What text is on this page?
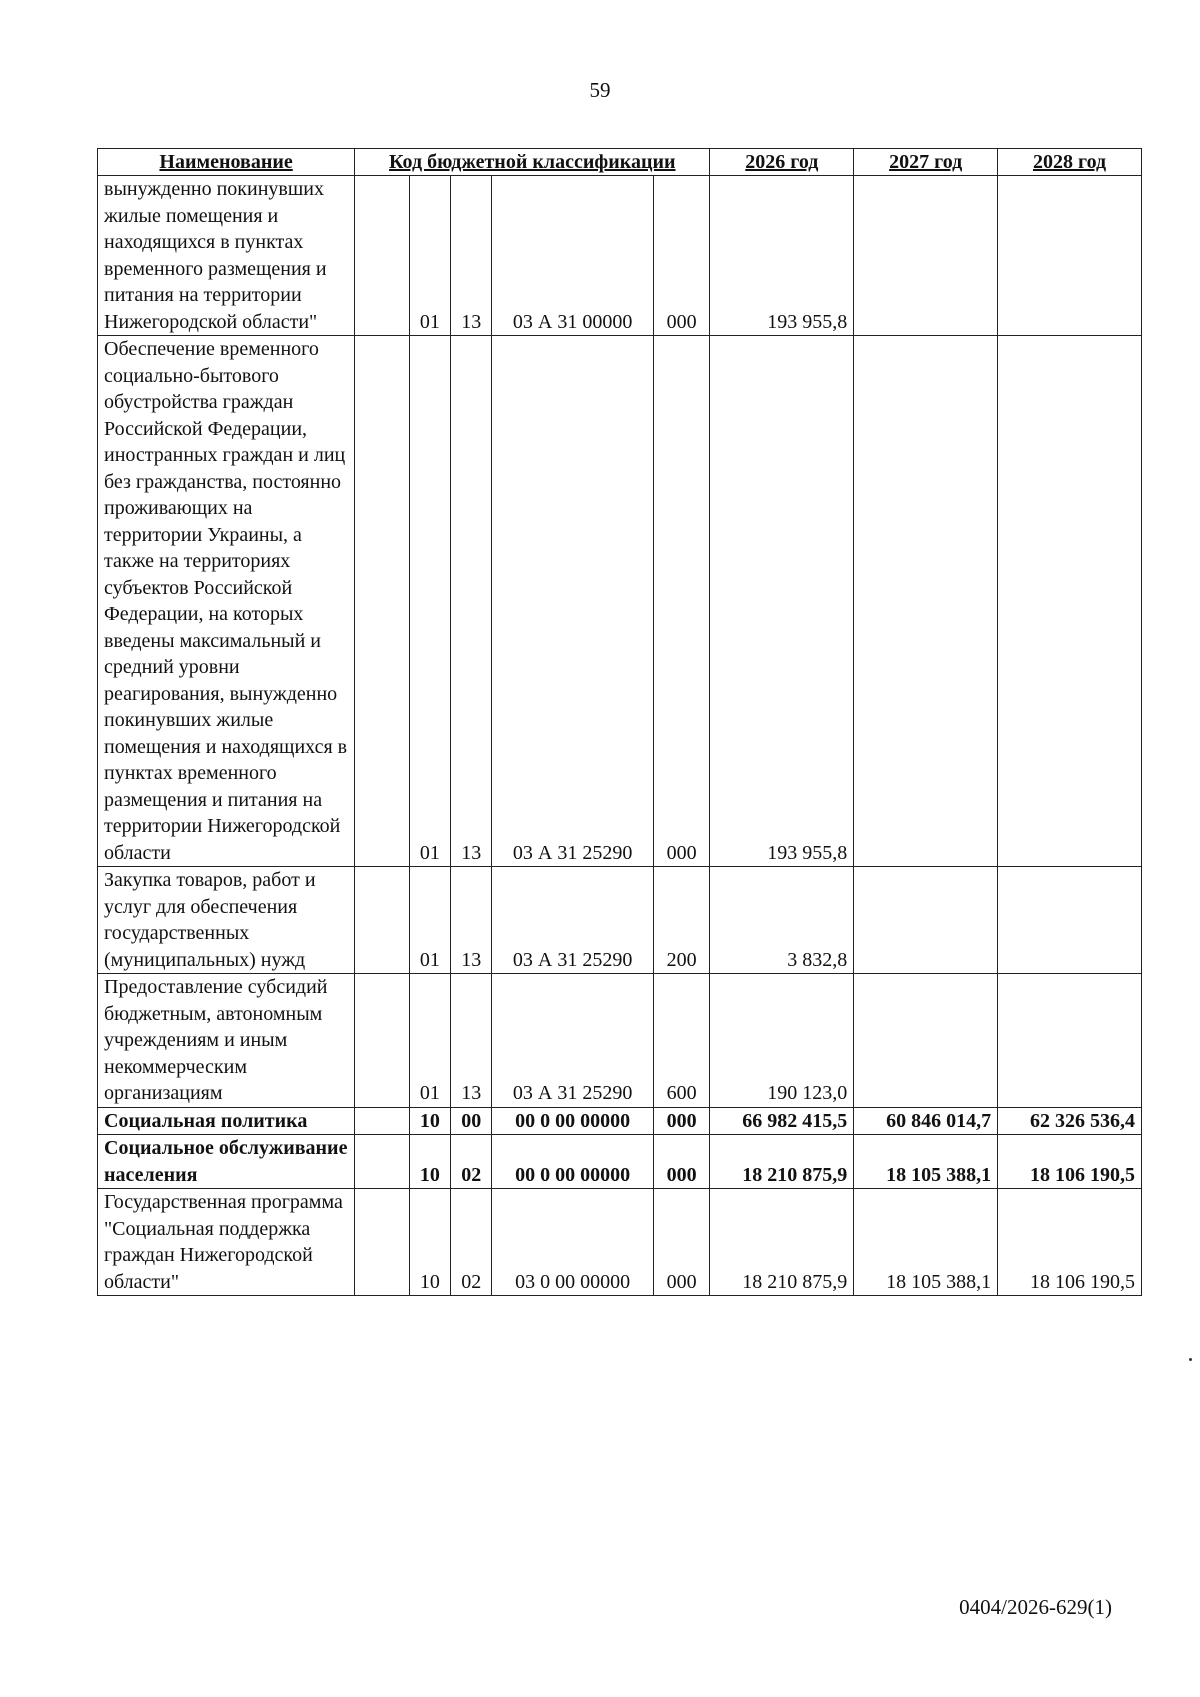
59
Наименование	Код бюджетной классификации					2026 год	2027 год	2028 год
вынужденно покинувших жилые помещения и находящихся в пунктах временного размещения и питания на территории Нижегородской области"		01	13	03 А 31 00000	000	193 955,8		
Обеспечение временного социально-бытового обустройства граждан Российской Федерации, иностранных граждан и лиц без гражданства, постоянно проживающих на территории Украины, а также на территориях субъектов Российской Федерации, на которых введены максимальный и средний уровни реагирования, вынужденно покинувших жилые помещения и находящихся в пунктах временного размещения и питания на территории Нижегородской области		01	13	03 А 31 25290	000	193 955,8		
Закупка товаров, работ и услуг для обеспечения государственных (муниципальных) нужд		01	13	03 А 31 25290	200	3 832,8		
Предоставление субсидий бюджетным, автономным учреждениям и иным некоммерческим организациям		01	13	03 А 31 25290	600	190 123,0		
Социальная политика		10	00	00 0 00 00000	000	66 982 415,5	60 846 014,7	62 326 536,4
Социальное обслуживание населения		10	02	00 0 00 00000	000	18 210 875,9	18 105 388,1	18 106 190,5
Государственная программа "Социальная поддержка граждан Нижегородской области"		10	02	03 0 00 00000	000	18 210 875,9	18 105 388,1	18 106 190,5
0404/2026-629(1)
